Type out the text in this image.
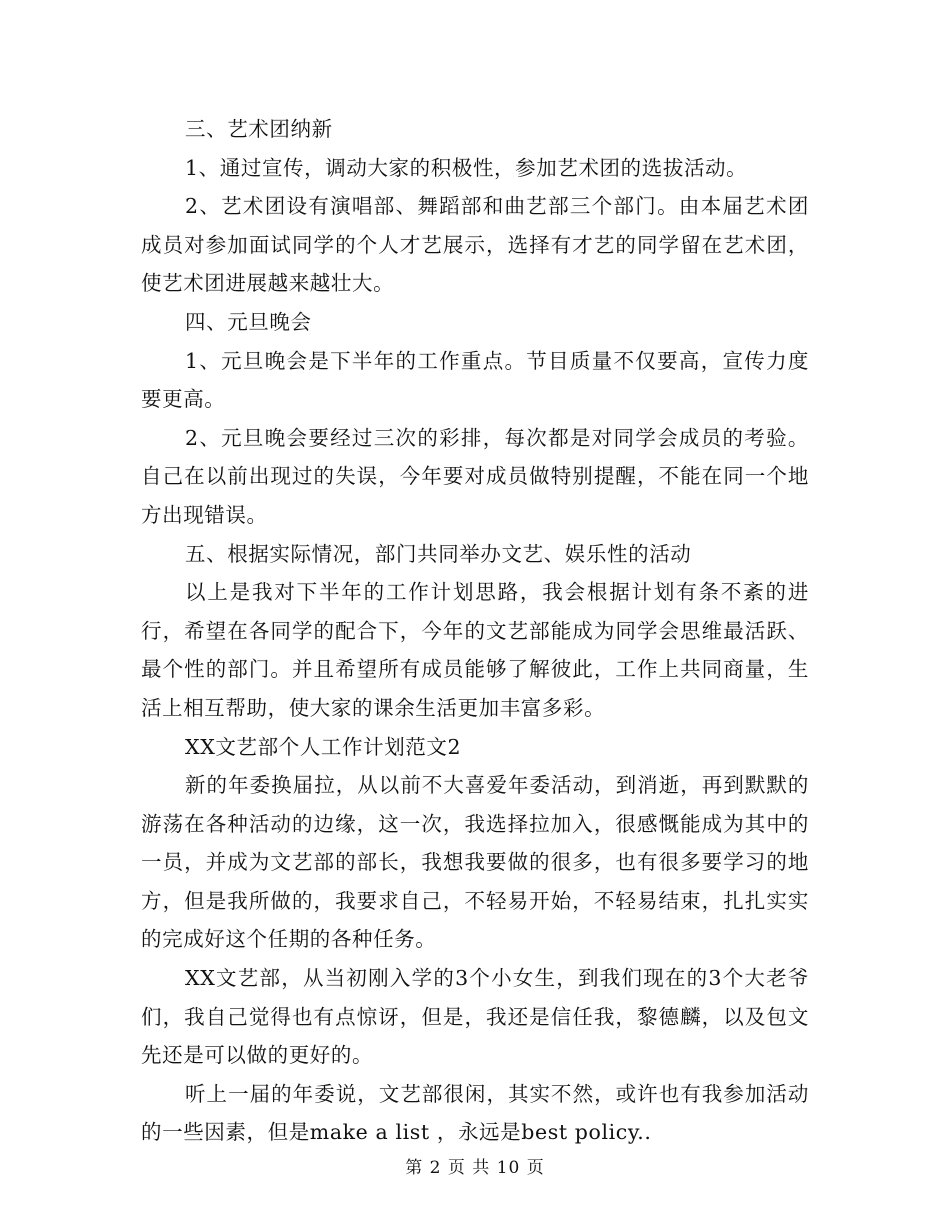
三、艺术团纳新

1、通过宣传，调动大家的积极性，参加艺术团的选拔活动。

2、艺术团设有演唱部、舞蹈部和曲艺部三个部门。由本届艺术团成员对参加面试同学的个人才艺展示，选择有才艺的同学留在艺术团，使艺术团进展越来越壮大。

四、元旦晚会

1、元旦晚会是下半年的工作重点。节目质量不仅要高，宣传力度要更高。

2、元旦晚会要经过三次的彩排，每次都是对同学会成员的考验。自己在以前出现过的失误，今年要对成员做特别提醒，不能在同一个地方出现错误。

五、根据实际情况，部门共同举办文艺、娱乐性的活动

以上是我对下半年的工作计划思路，我会根据计划有条不紊的进行，希望在各同学的配合下，今年的文艺部能成为同学会思维最活跃、最个性的部门。并且希望所有成员能够了解彼此，工作上共同商量，生活上相互帮助，使大家的课余生活更加丰富多彩。

XX文艺部个人工作计划范文2

新的年委换届拉，从以前不大喜爱年委活动，到消逝，再到默默的游荡在各种活动的边缘，这一次，我选择拉加入，很感慨能成为其中的一员，并成为文艺部的部长，我想我要做的很多，也有很多要学习的地方，但是我所做的，我要求自己，不轻易开始，不轻易结束，扎扎实实的完成好这个任期的各种任务。

XX文艺部，从当初刚入学的3个小女生，到我们现在的3个大老爷们，我自己觉得也有点惊讶，但是，我还是信任我，黎德麟，以及包文先还是可以做的更好的。

听上一届的年委说，文艺部很闲，其实不然，或许也有我参加活动的一些因素，但是make a list ，永远是best policy..

第 2 页 共 10 页
